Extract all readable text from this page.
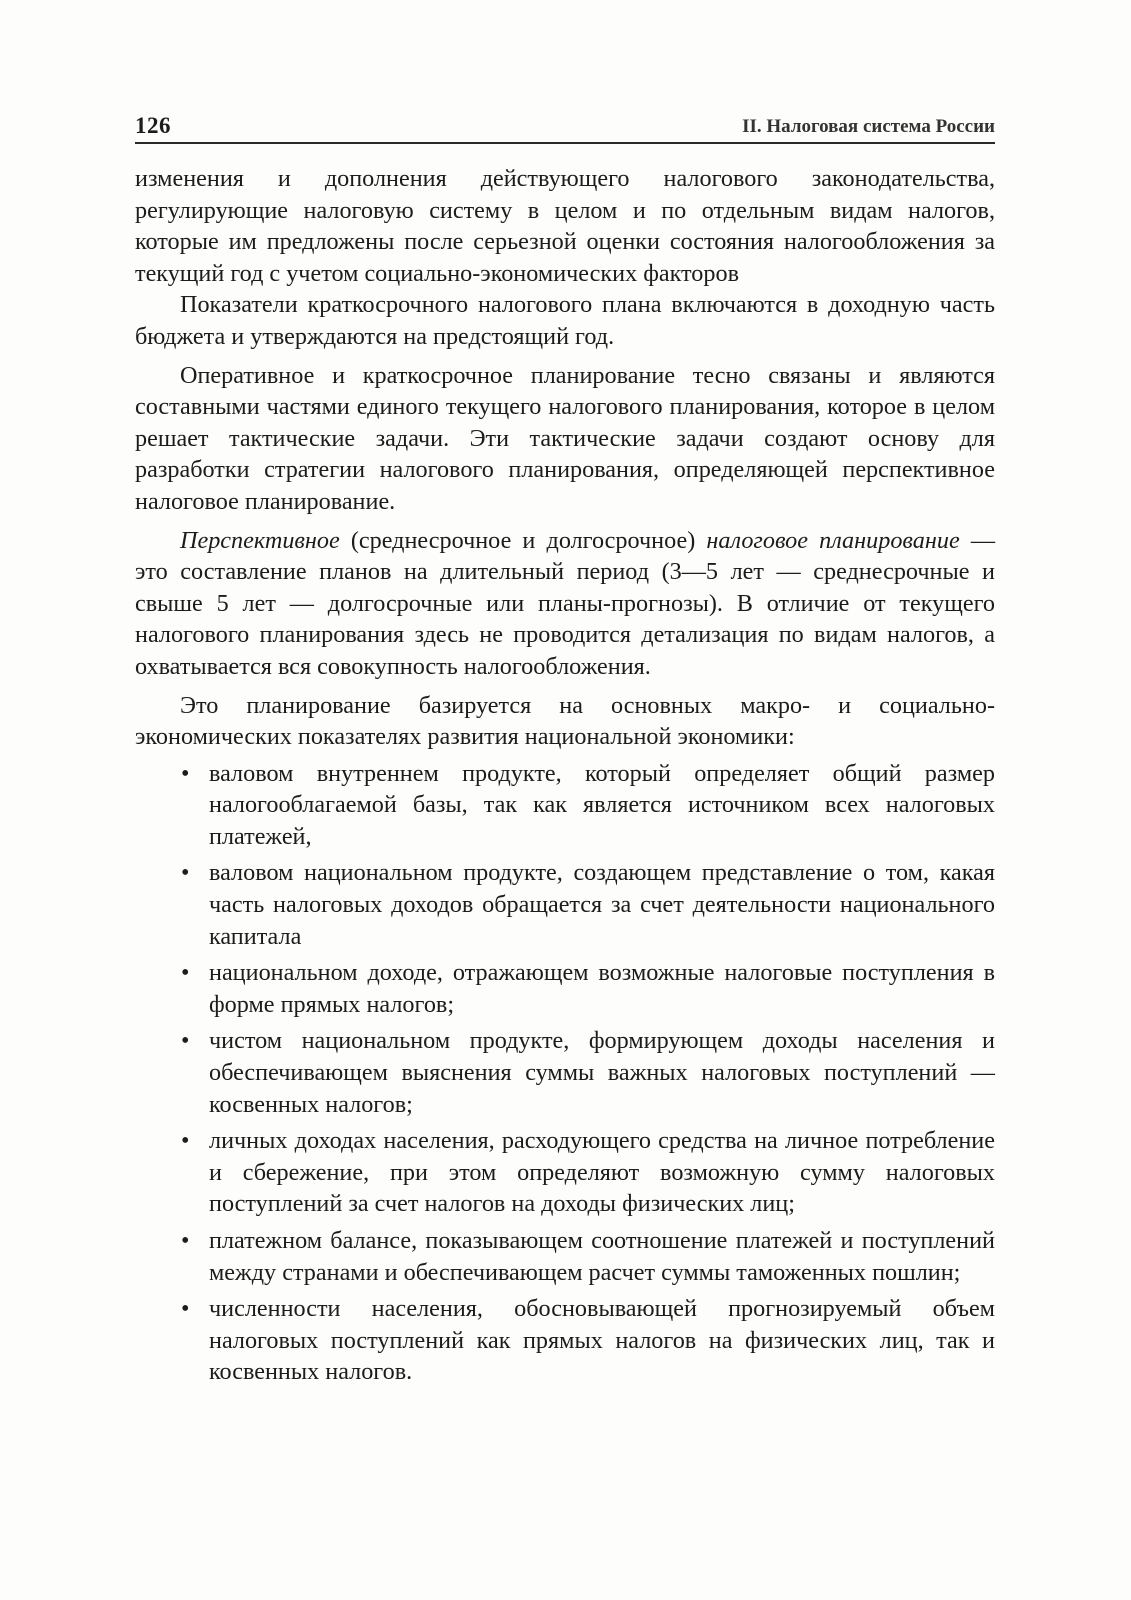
126	II. Налоговая система России

изменения и дополнения действующего налогового законодательства, регулирующие налоговую систему в целом и по отдельным видам налогов, которые им предложены после серьезной оценки состояния налогообложения за текущий год с учетом социально-экономических факторов

Показатели краткосрочного налогового плана включаются в доходную часть бюджета и утверждаются на предстоящий год.

Оперативное и краткосрочное планирование тесно связаны и являются составными частями единого текущего налогового планирования, которое в целом решает тактические задачи. Эти тактические задачи создают основу для разработки стратегии налогового планирования, определяющей перспективное налоговое планирование.

Перспективное (среднесрочное и долгосрочное) налоговое планирование — это составление планов на длительный период (3—5 лет — среднесрочные и свыше 5 лет — долгосрочные или планы-прогнозы). В отличие от текущего налогового планирования здесь не проводится детализация по видам налогов, а охватывается вся совокупность налогообложения.

Это планирование базируется на основных макро- и социально-экономических показателях развития национальной экономики:

• валовом внутреннем продукте, который определяет общий размер налогооблагаемой базы, так как является источником всех налоговых платежей,
• валовом национальном продукте, создающем представление о том, какая часть налоговых доходов обращается за счет деятельности национального капитала
• национальном доходе, отражающем возможные налоговые поступления в форме прямых налогов;
• чистом национальном продукте, формирующем доходы населения и обеспечивающем выяснения суммы важных налоговых поступлений — косвенных налогов;
• личных доходах населения, расходующего средства на личное потребление и сбережение, при этом определяют возможную сумму налоговых поступлений за счет налогов на доходы физических лиц;
• платежном балансе, показывающем соотношение платежей и поступлений между странами и обеспечивающем расчет суммы таможенных пошлин;
• численности населения, обосновывающей прогнозируемый объем налоговых поступлений как прямых налогов на физических лиц, так и косвенных налогов.
